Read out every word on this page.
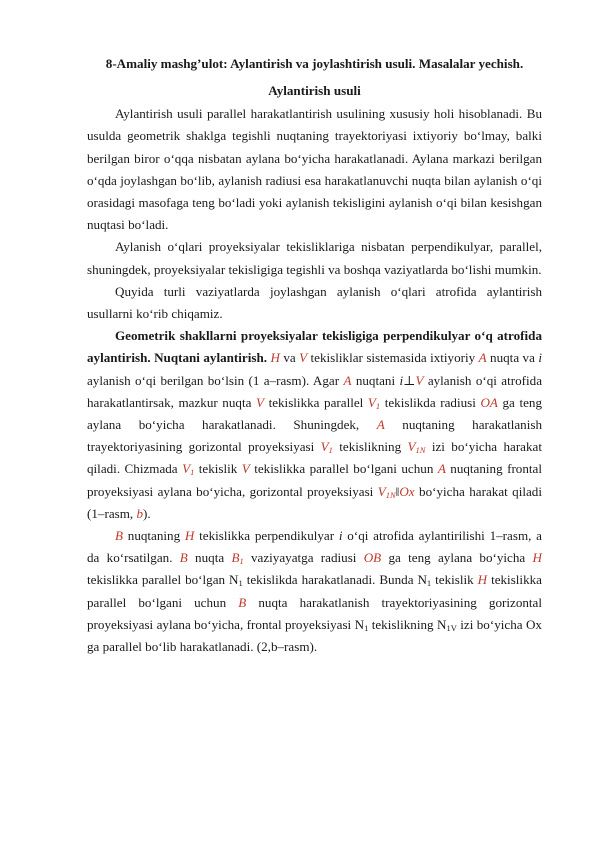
8-Amaliy mashg’ulot: Aylantirish va joylashtirish usuli. Masalalar yechish.
Aylantirish usuli

Aylantirish usuli parallel harakatlantirish usulining xususiy holi hisoblanadi. Bu usulda geometrik shaklga tegishli nuqtaning trayektoriyasi ixtiyoriy bo‘lmay, balki berilgan biror o‘qqa nisbatan aylana bo‘yicha harakatlanadi. Aylana markazi berilgan o‘qda joylashgan bo‘lib, aylanish radiusi esa harakatlanuvchi nuqta bilan aylanish o‘qi orasidagi masofaga teng bo‘ladi yoki aylanish tekisligini aylanish o‘qi bilan kesishgan nuqtasi bo‘ladi.

Aylanish o‘qlari proyeksiyalar tekisliklariga nisbatan perpendikulyar, parallel, shuningdek, proyeksiyalar tekisligiga tegishli va boshqa vaziyatlarda bo‘lishi mumkin.

Quyida turli vaziyatlarda joylashgan aylanish o‘qlari atrofida aylantirish usullarni ko‘rib chiqamiz.

Geometrik shakllarni proyeksiyalar tekisligiga perpendikulyar o‘q atrofida aylantirish. Nuqtani aylantirish. H va V tekisliklar sistemasida ixtiyoriy A nuqta va i aylanish o‘qi berilgan bo‘lsin (1 a–rasm). Agar A nuqtani i⊥V aylanish o‘qi atrofida harakatlantirsak, mazkur nuqta V tekislikka parallel $V_1$ tekislikda radiusi OA ga teng aylana bo‘yicha harakatlanadi. Shuningdek, A nuqtaning harakatlanish trayektoriyasining gorizontal proyeksiyasi $V_1$ tekislikning $V_{1N}$ izi bo‘yicha harakat qiladi. Chizmada $V_1$ tekislik V tekislikka parallel bo‘lgani uchun A nuqtaning frontal proyeksiyasi aylana bo‘yicha, gorizontal proyeksiyasi $V_{1N}ǁOx$ bo‘yicha harakat qiladi (1–rasm, b).

B nuqtaning H tekislikka perpendikulyar i o‘qi atrofida aylantirilishi 1–rasm, a da ko‘rsatilgan. B nuqta $B_1$ vaziyayatga radiusi OB ga teng aylana bo‘yicha H tekislikka parallel bo‘lgan $N_1$ tekislikda harakatlanadi. Bunda $N_1$ tekislik H tekislikka parallel bo‘lgani uchun B nuqta harakatlanish trayektoriyasining gorizontal proyeksiyasi aylana bo‘yicha, frontal proyeksiyasi $N_1$ tekislikning $N_{1V}$ izi bo‘yicha Ox ga parallel bo‘lib harakatlanadi. (2,b–rasm).
